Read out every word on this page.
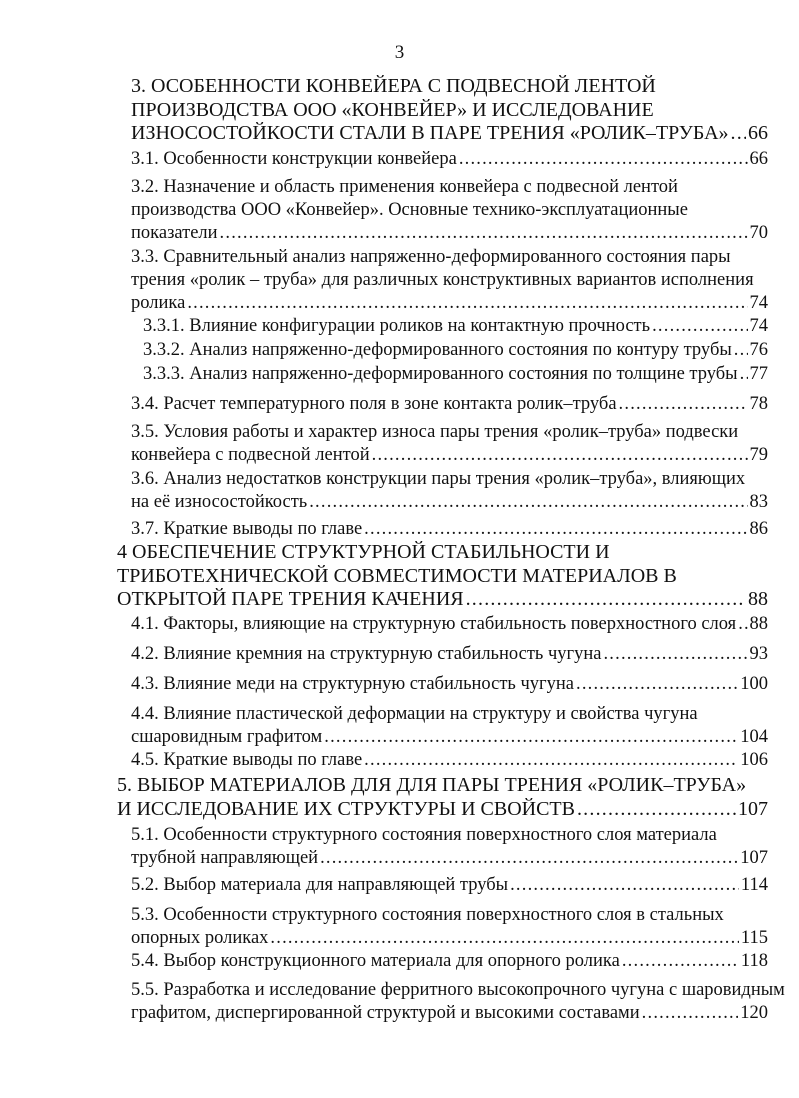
3
3. ОСОБЕННОСТИ КОНВЕЙЕРА С ПОДВЕСНОЙ ЛЕНТОЙ
ПРОИЗВОДСТВА ООО «КОНВЕЙЕР» И ИССЛЕДОВАНИЕ
ИЗНОСОСТОЙКОСТИ СТАЛИ В ПАРЕ ТРЕНИЯ «РОЛИК–ТРУБА» ..... 66
3.1. Особенности конструкции конвейера .....	66
3.2. Назначение и область применения конвейера с подвесной лентой
производства ООО «Конвейер». Основные технико-эксплуатационные
показатели .....	70
3.3. Сравнительный анализ напряженно-деформированного состояния пары
трения «ролик – труба» для различных конструктивных вариантов исполнения
ролика .....	74
3.3.1. Влияние конфигурации роликов на контактную прочность .....	74
3.3.2. Анализ напряженно-деформированного состояния по контуру трубы ..... 76
3.3.3. Анализ напряженно-деформированного состояния по толщине трубы ..... 77
3.4. Расчет температурного поля в зоне контакта ролик–труба .....	78
3.5. Условия работы и характер износа пары трения «ролик–труба» подвески
конвейера с подвесной лентой .....	79
3.6. Анализ недостатков конструкции пары трения «ролик–труба», влияющих
на её износостойкость .....	83
3.7. Краткие выводы по главе .....	86
4 ОБЕСПЕЧЕНИЕ СТРУКТУРНОЙ СТАБИЛЬНОСТИ И
ТРИБОТЕХНИЧЕСКОЙ СОВМЕСТИМОСТИ МАТЕРИАЛОВ В
ОТКРЫТОЙ ПАРЕ ТРЕНИЯ КАЧЕНИЯ .....	88
4.1. Факторы, влияющие на структурную стабильность поверхностного слоя ..... 88
4.2. Влияние кремния на структурную стабильность чугуна .....	93
4.3. Влияние меди на структурную стабильность чугуна .....	100
4.4. Влияние пластической деформации на структуру и свойства чугуна
сшаровидным графитом .....	104
4.5. Краткие выводы по главе .....	106
5. ВЫБОР МАТЕРИАЛОВ ДЛЯ ДЛЯ ПАРЫ ТРЕНИЯ «РОЛИК–ТРУБА»
И ИССЛЕДОВАНИЕ ИХ СТРУКТУРЫ И СВОЙСТВ .....	107
5.1. Особенности структурного состояния поверхностного слоя материала
трубной направляющей .....	107
5.2. Выбор материала для направляющей трубы .....	114
5.3. Особенности структурного состояния поверхностного слоя в стальных
опорных роликах .....	115
5.4. Выбор конструкционного материала для опорного ролика .....	118
5.5. Разработка и исследование ферритного высокопрочного чугуна с шаровидным
графитом, диспергированной структурой и высокими составами .....	120
